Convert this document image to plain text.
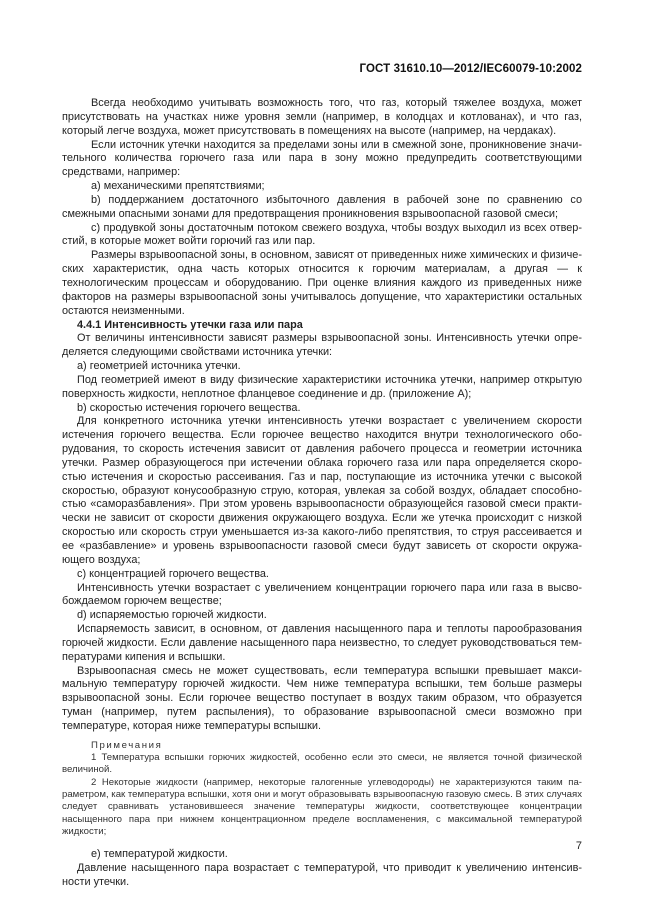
ГОСТ 31610.10—2012/IEC60079-10:2002

Всегда необходимо учитывать возможность того, что газ, который тяжелее воздуха, может присутствовать на участках ниже уровня земли (например, в колодцах и котлованах), и что газ, который легче воздуха, может присутствовать в помещениях на высоте (например, на чердаках).

Если источник утечки находится за пределами зоны или в смежной зоне, проникновение значительного количества горючего газа или пара в зону можно предупредить соответствующими средствами, например:

a) механическими препятствиями;

b) поддержанием достаточного избыточного давления в рабочей зоне по сравнению со смежными опасными зонами для предотвращения проникновения взрывоопасной газовой смеси;

c) продувкой зоны достаточным потоком свежего воздуха, чтобы воздух выходил из всех отверстий, в которые может войти горючий газ или пар.

Размеры взрывоопасной зоны, в основном, зависят от приведенных ниже химических и физических характеристик, одна часть которых относится к горючим материалам, а другая — к технологическим процессам и оборудованию. При оценке влияния каждого из приведенных ниже факторов на размеры взрывоопасной зоны учитывалось допущение, что характеристики остальных остаются неизменными.

4.4.1 Интенсивность утечки газа или пара

От величины интенсивности зависят размеры взрывоопасной зоны. Интенсивность утечки определяется следующими свойствами источника утечки:

a) геометрией источника утечки.

Под геометрией имеют в виду физические характеристики источника утечки, например открытую поверхность жидкости, неплотное фланцевое соединение и др. (приложение А);

b) скоростью истечения горючего вещества.

Для конкретного источника утечки интенсивность утечки возрастает с увеличением скорости истечения горючего вещества. Если горючее вещество находится внутри технологического оборудования, то скорость истечения зависит от давления рабочего процесса и геометрии источника утечки. Размер образующегося при истечении облака горючего газа или пара определяется скоростью истечения и скоростью рассеивания. Газ и пар, поступающие из источника утечки с высокой скоростью, образуют конусообразную струю, которая, увлекая за собой воздух, обладает способностью «саморазбавления». При этом уровень взрывоопасности образующейся газовой смеси практически не зависит от скорости движения окружающего воздуха. Если же утечка происходит с низкой скоростью или скорость струи уменьшается из-за какого-либо препятствия, то струя рассеивается и ее «разбавление» и уровень взрывоопасности газовой смеси будут зависеть от скорости окружающего воздуха;

c) концентрацией горючего вещества.

Интенсивность утечки возрастает с увеличением концентрации горючего пара или газа в высвобождаемом горючем веществе;

d) испаряемостью горючей жидкости.

Испаряемость зависит, в основном, от давления насыщенного пара и теплоты парообразования горючей жидкости. Если давление насыщенного пара неизвестно, то следует руководствоваться температурами кипения и вспышки.

Взрывоопасная смесь не может существовать, если температура вспышки превышает максимальную температуру горючей жидкости. Чем ниже температура вспышки, тем больше размеры взрывоопасной зоны. Если горючее вещество поступает в воздух таким образом, что образуется туман (например, путем распыления), то образование взрывоопасной смеси возможно при температуре, которая ниже температуры вспышки.

Примечания

1 Температура вспышки горючих жидкостей, особенно если это смеси, не является точной физической величиной.

2 Некоторые жидкости (например, некоторые галогенные углеводороды) не характеризуются таким параметром, как температура вспышки, хотя они и могут образовывать взрывоопасную газовую смесь. В этих случаях следует сравнивать установившееся значение температуры жидкости, соответствующее концентрации насыщенного пара при нижнем концентрационном пределе воспламенения, с максимальной температурой жидкости;

e) температурой жидкости.

Давление насыщенного пара возрастает с температурой, что приводит к увеличению интенсивности утечки.

7
